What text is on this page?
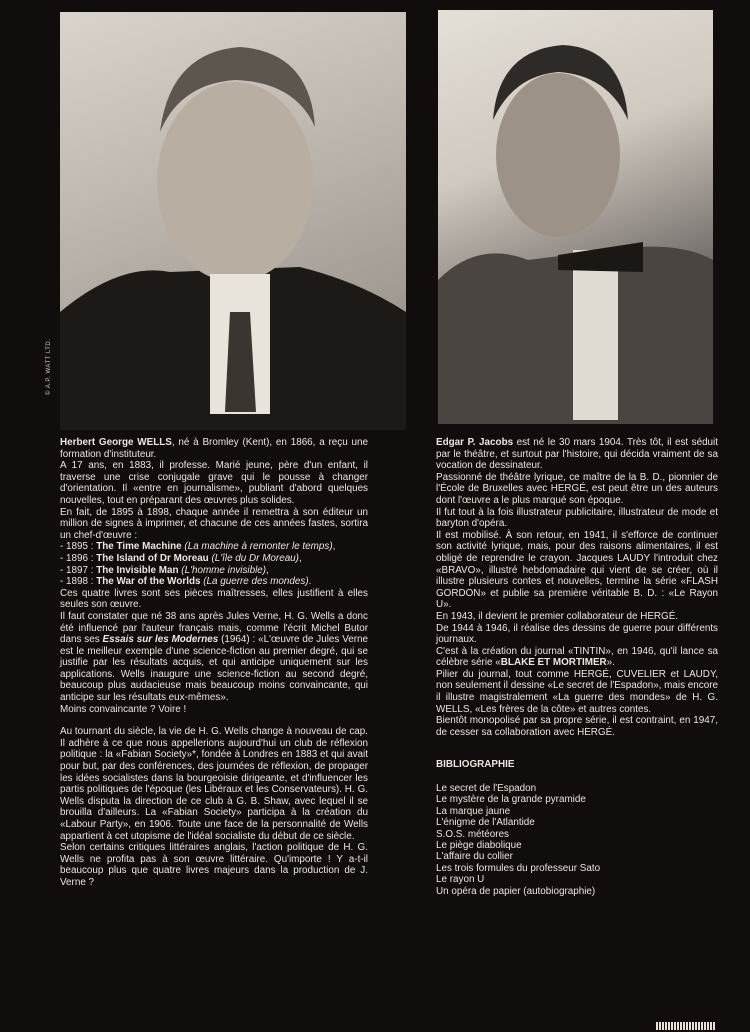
© A.P. WATT LTD.

Herbert George WELLS, né à Bromley (Kent), en 1866, a reçu une formation d'instituteur.

A 17 ans, en 1883, il professe. Marié jeune, père d'un enfant, il traverse une crise conjugale grave qui le pousse à changer d'orientation. Il «entre en journalisme», publiant d'abord quelques nouvelles, tout en préparant des œuvres plus solides.

En fait, de 1895 à 1898, chaque année il remettra à son éditeur un million de signes à imprimer, et chacune de ces années fastes, sortira un chef-d'œuvre :

- 1895 : The Time Machine (La machine à remonter le temps),

- 1896 : The Island of Dr Moreau (L'île du Dr Moreau),

- 1897 : The Invisible Man (L'homme invisible),

- 1898 : The War of the Worlds (La guerre des mondes).

Ces quatre livres sont ses pièces maîtresses, elles justifient à elles seules son œuvre.

Il faut constater que né 38 ans après Jules Verne, H. G. Wells a donc été influencé par l'auteur français mais, comme l'écrit Michel Butor dans ses Essais sur les Modernes (1964) : «L'œuvre de Jules Verne est le meilleur exemple d'une science-fiction au premier degré, qui se justifie par les résultats acquis, et qui anticipe uniquement sur les applications. Wells inaugure une science-fiction au second degré, beaucoup plus audacieuse mais beaucoup moins convaincante, qui anticipe sur les résultats eux-mêmes».

Moins convaincante ? Voire !

Au tournant du siècle, la vie de H. G. Wells change à nouveau de cap. Il adhère à ce que nous appellerions aujourd'hui un club de réflexion politique : la «Fabian Society»*, fondée à Londres en 1883 et qui avait pour but, par des conférences, des journées de réflexion, de propager les idées socialistes dans la bourgeoisie dirigeante, et d'influencer les partis politiques de l'époque (les Libéraux et les Conservateurs). H. G. Wells disputa la direction de ce club à G. B. Shaw, avec lequel il se brouilla d'ailleurs. La «Fabian Society» participa à la création du «Labour Party», en 1906. Toute une face de la personnalité de Wells appartient à cet utopisme de l'idéal socialiste du début de ce siècle.

Selon certains critiques littéraires anglais, l'action politique de H. G. Wells ne profita pas à son œuvre littéraire. Qu'importe ! Y a-t-il beaucoup plus que quatre livres majeurs dans la production de J. Verne ?

Edgar P. Jacobs est né le 30 mars 1904. Très tôt, il est séduit par le théâtre, et surtout par l'histoire, qui décida vraiment de sa vocation de dessinateur.

Passionné de théâtre lyrique, ce maître de la B. D., pionnier de l'École de Bruxelles avec HERGÉ, est peut être un des auteurs dont l'œuvre a le plus marqué son époque.

Il fut tout à la fois illustrateur publicitaire, illustrateur de mode et baryton d'opéra.

Il est mobilisé. À son retour, en 1941, il s'efforce de continuer son activité lyrique, mais, pour des raisons alimentaires, il est obligé de reprendre le crayon. Jacques LAUDY l'introduit chez «BRAVO», illustré hebdomadaire qui vient de se créer, où il illustre plusieurs contes et nouvelles, termine la série «FLASH GORDON» et publie sa première véritable B. D. : «Le Rayon U».

En 1943, il devient le premier collaborateur de HERGÉ.

De 1944 à 1946, il réalise des dessins de guerre pour différents journaux.

C'est à la création du journal «TINTIN», en 1946, qu'il lance sa célèbre série «BLAKE ET MORTIMER».

Pilier du journal, tout comme HERGÉ, CUVELIER et LAUDY, non seulement il dessine «Le secret de l'Espadon», mais encore il illustre magistralement «La guerre des mondes» de H. G. WELLS, «Les frères de la côte» et autres contes.

Bientôt monopolisé par sa propre série, il est contraint, en 1947, de cesser sa collaboration avec HERGÉ.

BIBLIOGRAPHIE

Le secret de l'Espadon
Le mystère de la grande pyramide
La marque jaune
L'énigme de l'Atlantide
S.O.S. météores
Le piège diabolique
L'affaire du collier
Les trois formules du professeur Sato
Le rayon U
Un opéra de papier (autobiographie)
